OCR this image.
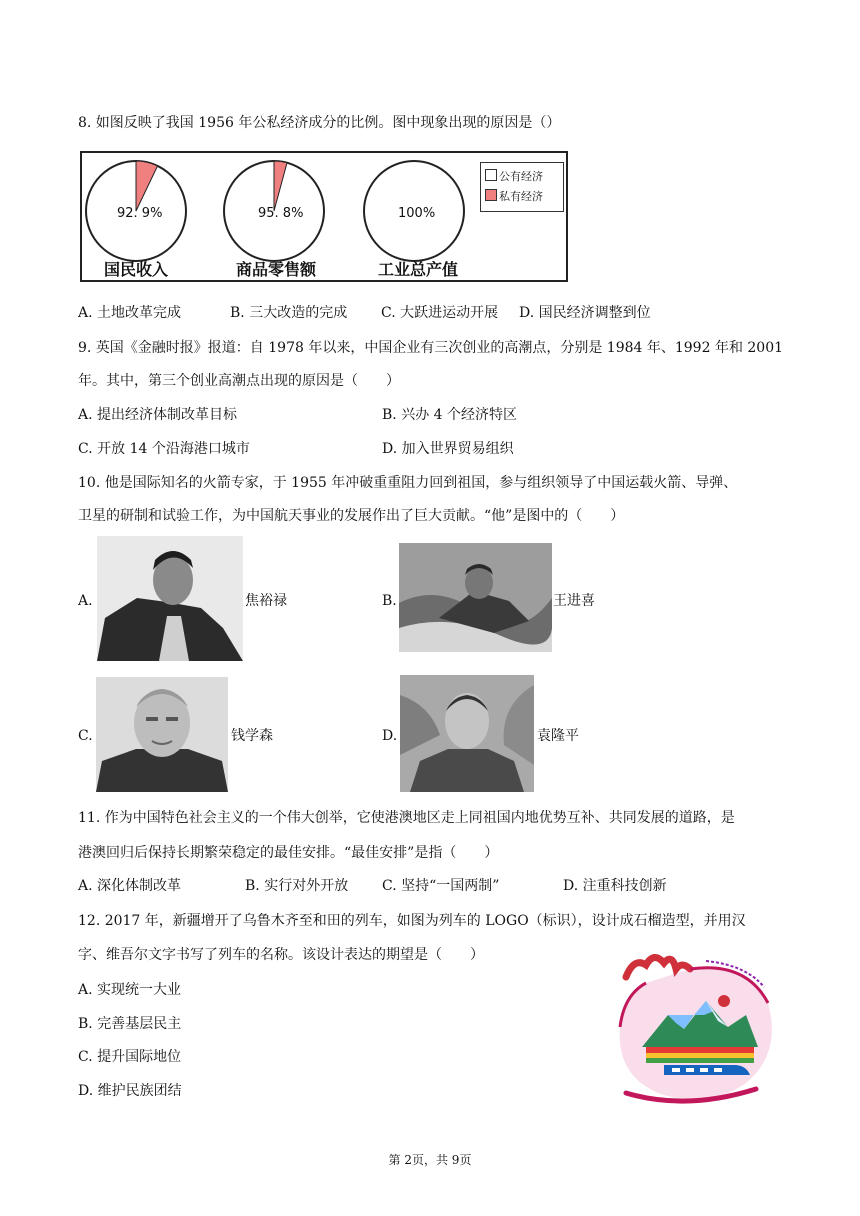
8. 如图反映了我国 1956 年公私经济成分的比例。图中现象出现的原因是（）
92. 9%	95. 8%	100%
国民收入	商品零售额	工业总产值
公有经济
私有经济
A. 土地改革完成	B. 三大改造的完成 C. 大跃进运动开展 D. 国民经济调整到位
9. 英国《金融时报》报道：自 1978 年以来，中国企业有三次创业的高潮点，分别是 1984 年、1992 年和 2001
年。其中，第三个创业高潮点出现的原因是（　　）
A. 提出经济体制改革目标	B. 兴办 4 个经济特区
C. 开放 14 个沿海港口城市	D. 加入世界贸易组织
10. 他是国际知名的火箭专家，于 1955 年冲破重重阻力回到祖国，参与组织领导了中国运载火箭、导弹、
卫星的研制和试验工作，为中国航天事业的发展作出了巨大贡献。“他”是图中的（　　）
A.	焦裕禄	B.	王进喜
C.	钱学森	D.	袁隆平
11. 作为中国特色社会主义的一个伟大创举，它使港澳地区走上同祖国内地优势互补、共同发展的道路，是
港澳回归后保持长期繁荣稳定的最佳安排。“最佳安排”是指（　　）
A. 深化体制改革	B. 实行对外开放 C. 坚持“一国两制”	D. 注重科技创新
12. 2017 年，新疆增开了乌鲁木齐至和田的列车，如图为列车的 LOGO（标识），设计成石榴造型，并用汉
字、维吾尔文字书写了列车的名称。该设计表达的期望是（　　）
A. 实现统一大业
B. 完善基层民主
C. 提升国际地位
D. 维护民族团结
第 2页，共 9页
